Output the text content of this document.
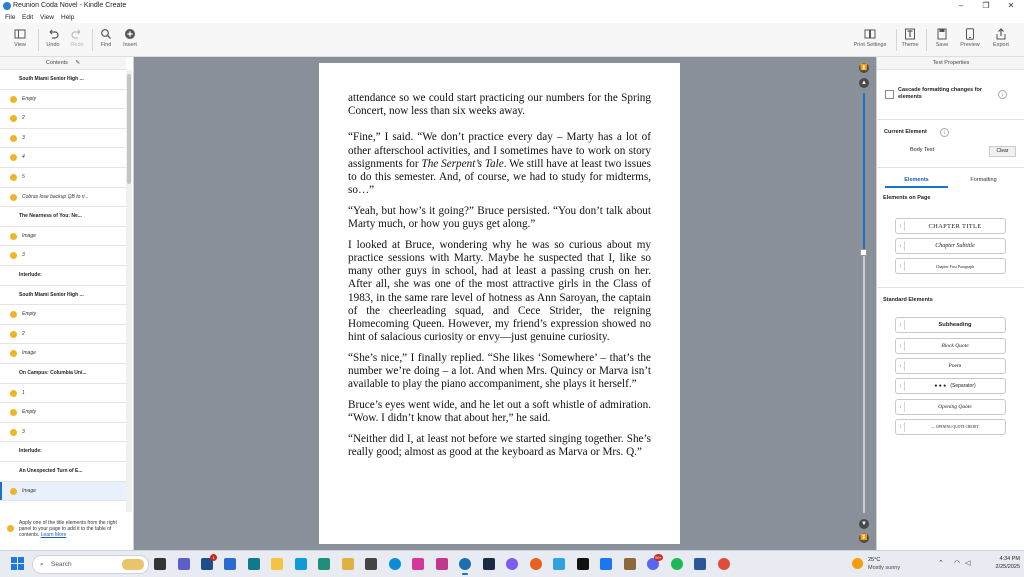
Reunion Coda Novel - Kindle Create	–	❐	✕
File Edit View Help
View	Undo	Redo	Find	Insert	Print Settings	Theme	Save	Preview	Export
Contents ✎
South Miami Senior High ...
Empty
2
3
4
5
Cobras lose backup QB to ri...
The Nearness of You: Ne...
Image
3
Interlude:
South Miami Senior High ...
Empty
2
Image
On Campus: Columbia Uni...
1
Empty
3
Interlude:
An Unexpected Turn of E...
Image
Apply one of the title elements from the right panel to your page to add it to the table of contents. Learn More

attendance so we could start practicing our numbers for the Spring Concert, now less than six weeks away.

“Fine,” I said. “We don’t practice every day – Marty has a lot of other afterschool activities, and I sometimes have to work on story assignments for The Serpent’s Tale. We still have at least two issues to do this semester. And, of course, we had to study for midterms, so…”

“Yeah, but how’s it going?” Bruce persisted. “You don’t talk about Marty much, or how you guys get along.”

I looked at Bruce, wondering why he was so curious about my practice sessions with Marty. Maybe he suspected that I, like so many other guys in school, had at least a passing crush on her. After all, she was one of the most attractive girls in the Class of 1983, in the same rare level of hotness as Ann Saroyan, the captain of the cheerleading squad, and Cece Strider, the reigning Homecoming Queen. However, my friend’s expression showed no hint of salacious curiosity or envy—just genuine curiosity.

“She’s nice,” I finally replied. “She likes ‘Somewhere’ – that’s the number we’re doing – a lot. And when Mrs. Quincy or Marva isn’t available to play the piano accompaniment, she plays it herself.”

Bruce’s eyes went wide, and he let out a soft whistle of admiration. “Wow. I didn’t know that about her,” he said.

“Neither did I, at least not before we started singing together. She’s really good; almost as good at the keyboard as Marva or Mrs. Q.”

⏫
▲
▼
⏬
Text Properties
Cascade formatting changes for elements	i
Current Element	i
Body Text	Clear
Elements	Formatting
Elements on Page
i	CHAPTER TITLE
i	Chapter Subtitle
i	Chapter First Paragraph
Standard Elements
i	Subheading
i	Block Quote
i	Poem
i	● ● ● (Separator)
i	Opening Quote
i	— OPENING QUOTE CREDIT
⌕ Search
1	99+	25°C
Mostly sunny
⌃ ◠ ◁
4:34 PM
2/25/2025
